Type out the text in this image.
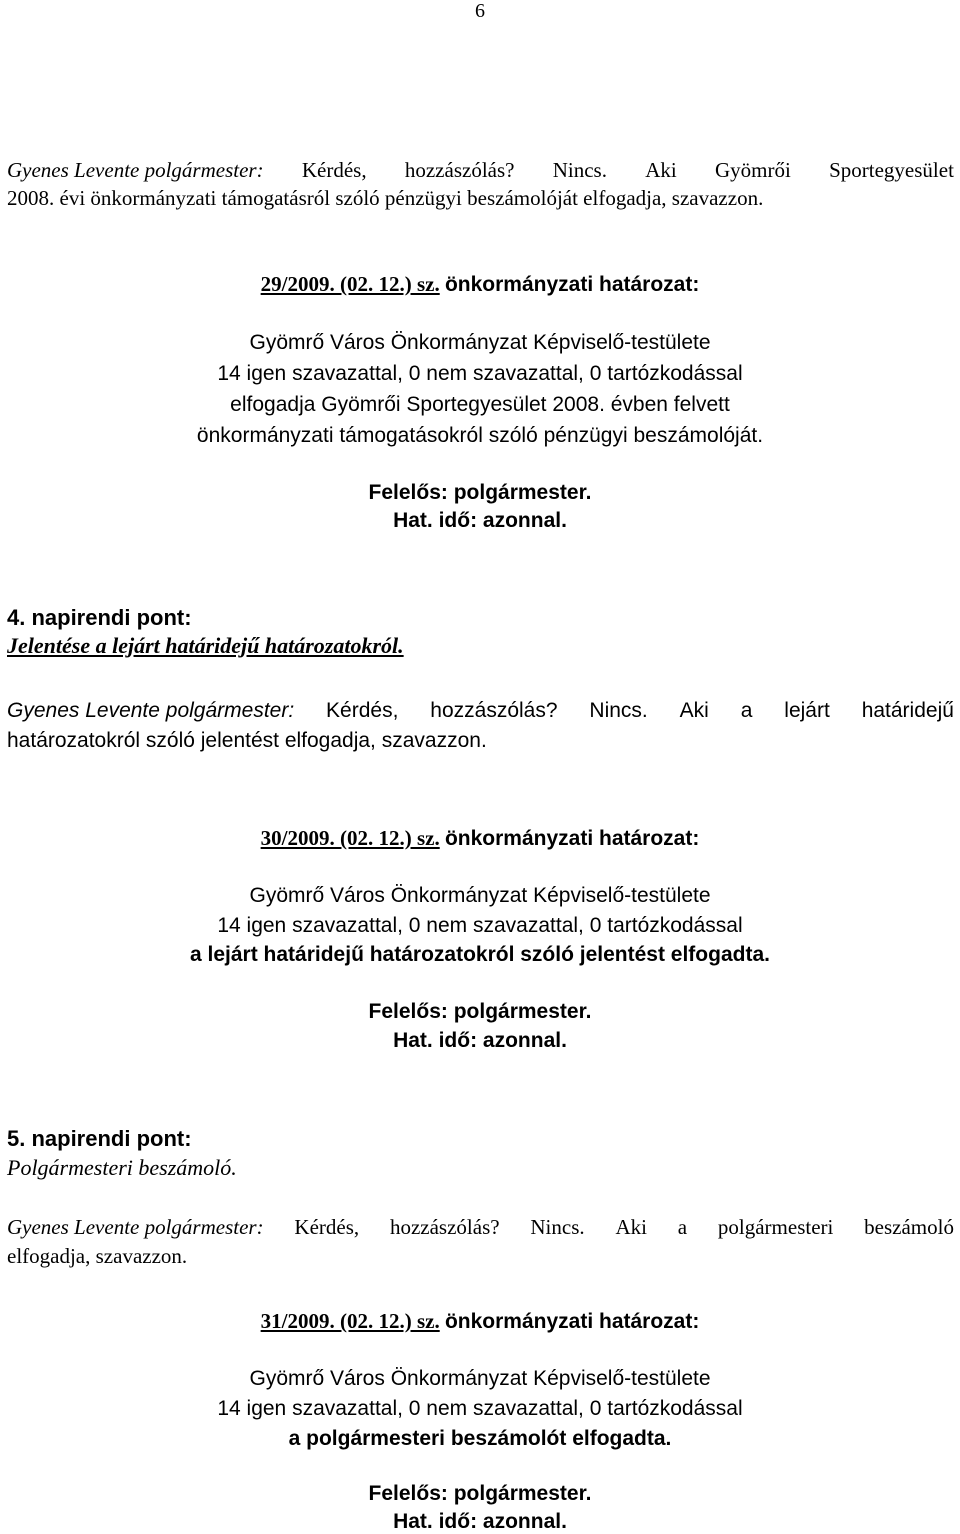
6
Gyenes Levente polgármester: Kérdés, hozzászólás? Nincs. Aki Gyömrői Sportegyesület
2008. évi önkormányzati támogatásról szóló pénzügyi beszámolóját elfogadja, szavazzon.
29/2009. (02. 12.) sz. önkormányzati határozat:
Gyömrő Város Önkormányzat Képviselő-testülete
14 igen szavazattal, 0 nem szavazattal, 0 tartózkodással
elfogadja Gyömrői Sportegyesület 2008. évben felvett
önkormányzati támogatásokról szóló pénzügyi beszámolóját.
Felelős: polgármester.
Hat. idő: azonnal.
4. napirendi pont:
Jelentése a lejárt határidejű határozatokról.
Gyenes Levente polgármester: Kérdés, hozzászólás? Nincs. Aki a lejárt határidejű
határozatokról szóló jelentést elfogadja, szavazzon.
30/2009. (02. 12.) sz. önkormányzati határozat:
Gyömrő Város Önkormányzat Képviselő-testülete
14 igen szavazattal, 0 nem szavazattal, 0 tartózkodással
a lejárt határidejű határozatokról szóló jelentést elfogadta.
Felelős: polgármester.
Hat. idő: azonnal.
5. napirendi pont:
Polgármesteri beszámoló.
Gyenes Levente polgármester: Kérdés, hozzászólás? Nincs. Aki a polgármesteri beszámoló
elfogadja, szavazzon.
31/2009. (02. 12.) sz. önkormányzati határozat:
Gyömrő Város Önkormányzat Képviselő-testülete
14 igen szavazattal, 0 nem szavazattal, 0 tartózkodással
a polgármesteri beszámolót elfogadta.
Felelős: polgármester.
Hat. idő: azonnal.
